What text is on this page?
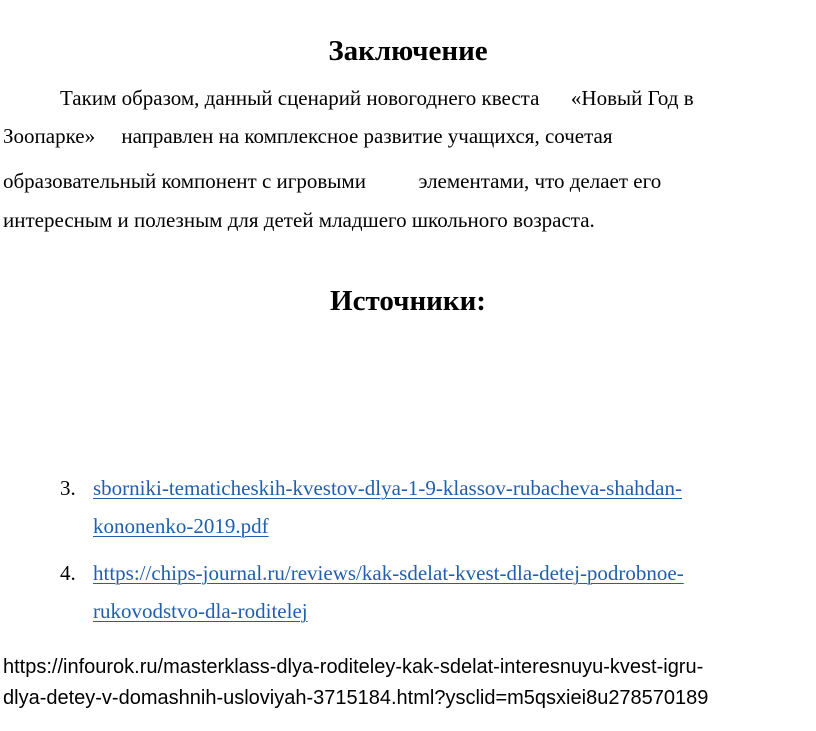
Заключение

Таким образом, данный сценарий новогоднего квеста      «Новый Год в

Зоопарке»     направлен на комплексное развитие учащихся, сочетая

образовательный компонент с игровыми          элементами, что делает его

интересным и полезным для детей младшего школьного возраста.

Источники:
3. sborniki-tematicheskih-kvestov-dlya-1-9-klassov-rubacheva-shahdan-
kononenko-2019.pdf
4. https://chips-journal.ru/reviews/kak-sdelat-kvest-dla-detej-podrobnoe-
rukovodstvo-dla-roditelej

https://infourok.ru/masterklass-dlya-roditeley-kak-sdelat-interesnuyu-kvest-igru-

dlya-detey-v-domashnih-usloviyah-3715184.html?ysclid=m5qsxiei8u278570189
